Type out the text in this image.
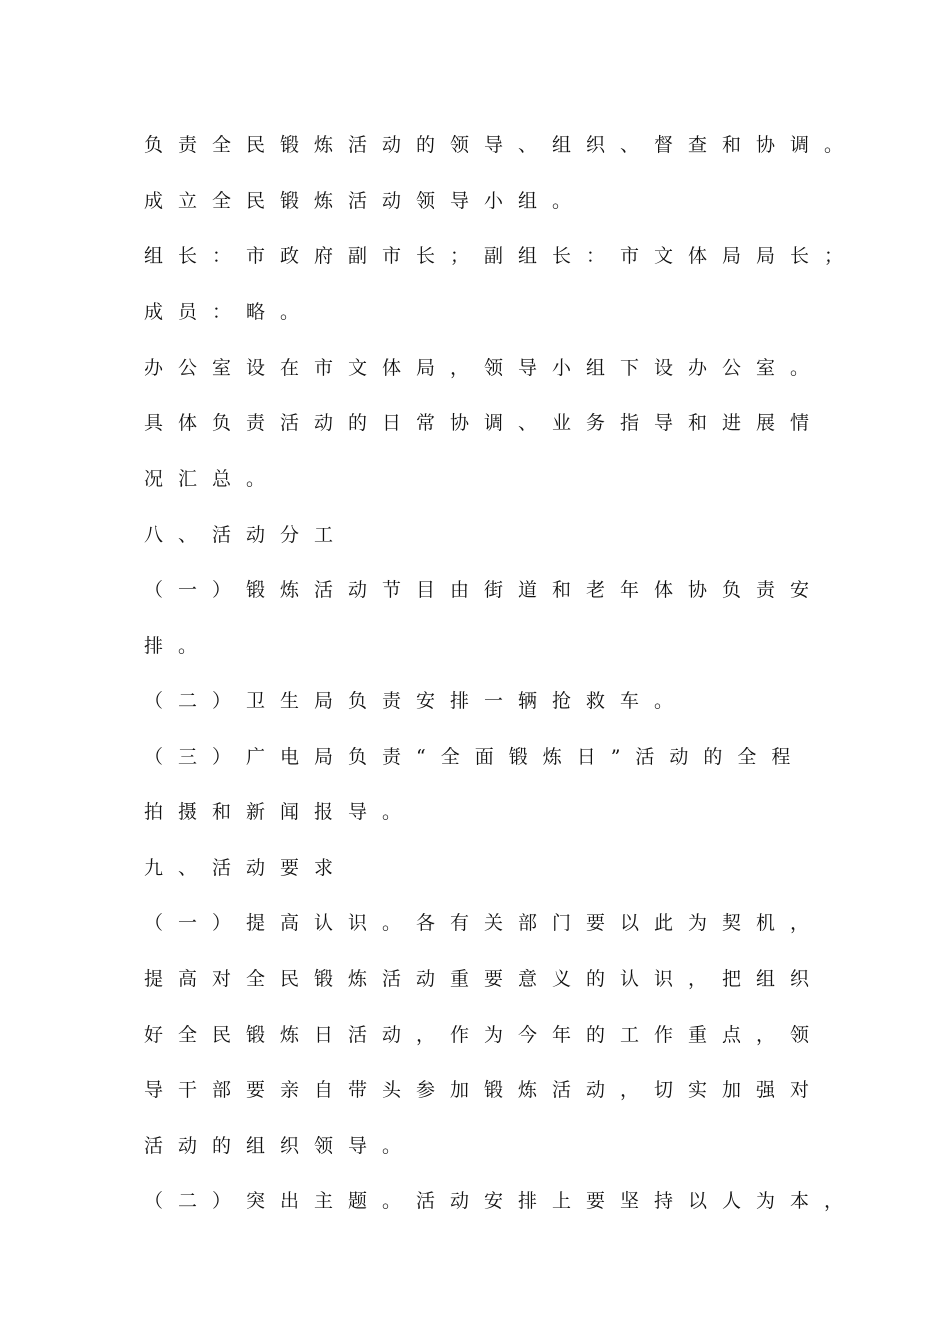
负责全民锻炼活动的领导、组织、督查和协调。
成立全民锻炼活动领导小组。
组长：市政府副市长；副组长：市文体局局长；
成员：略。
办公室设在市文体局，领导小组下设办公室。
具体负责活动的日常协调、业务指导和进展情
况汇总。
八、活动分工
（一）锻炼活动节目由街道和老年体协负责安
排。
（二）卫生局负责安排一辆抢救车。
（三）广电局负责“全面锻炼日”活动的全程
拍摄和新闻报导。
九、活动要求
（一）提高认识。各有关部门要以此为契机，
提高对全民锻炼活动重要意义的认识，把组织
好全民锻炼日活动，作为今年的工作重点，领
导干部要亲自带头参加锻炼活动，切实加强对
活动的组织领导。
（二）突出主题。活动安排上要坚持以人为本，
